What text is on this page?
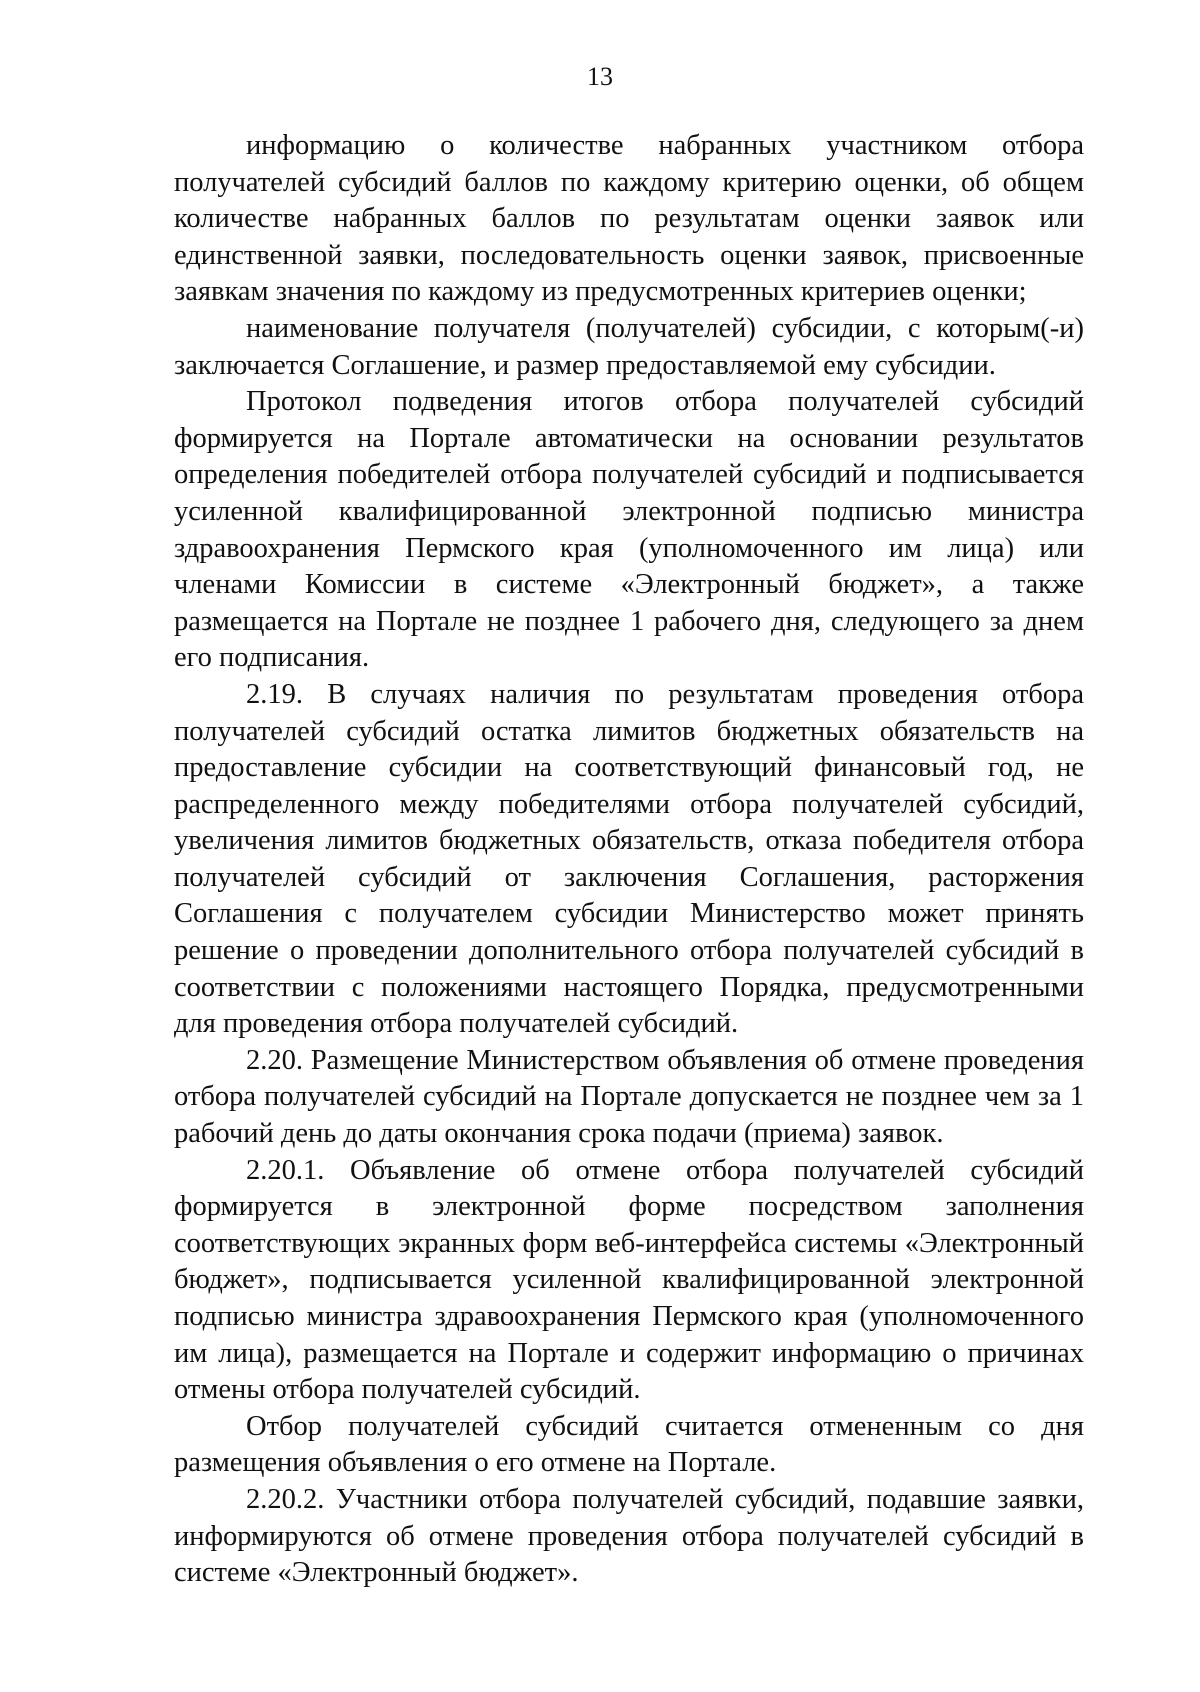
13

информацию о количестве набранных участником отбора получателей субсидий баллов по каждому критерию оценки, об общем количестве набранных баллов по результатам оценки заявок или единственной заявки, последовательность оценки заявок, присвоенные заявкам значения по каждому из предусмотренных критериев оценки;

наименование получателя (получателей) субсидии, с которым(-и) заключается Соглашение, и размер предоставляемой ему субсидии.

Протокол подведения итогов отбора получателей субсидий формируется на Портале автоматически на основании результатов определения победителей отбора получателей субсидий и подписывается усиленной квалифицированной электронной подписью министра здравоохранения Пермского края (уполномоченного им лица) или членами Комиссии в системе «Электронный бюджет», а также размещается на Портале не позднее 1 рабочего дня, следующего за днем его подписания.

2.19. В случаях наличия по результатам проведения отбора получателей субсидий остатка лимитов бюджетных обязательств на предоставление субсидии на соответствующий финансовый год, не распределенного между победителями отбора получателей субсидий, увеличения лимитов бюджетных обязательств, отказа победителя отбора получателей субсидий от заключения Соглашения, расторжения Соглашения с получателем субсидии Министерство может принять решение о проведении дополнительного отбора получателей субсидий в соответствии с положениями настоящего Порядка, предусмотренными для проведения отбора получателей субсидий.

2.20. Размещение Министерством объявления об отмене проведения отбора получателей субсидий на Портале допускается не позднее чем за 1 рабочий день до даты окончания срока подачи (приема) заявок.

2.20.1. Объявление об отмене отбора получателей субсидий формируется в электронной форме посредством заполнения соответствующих экранных форм веб-интерфейса системы «Электронный бюджет», подписывается усиленной квалифицированной электронной подписью министра здравоохранения Пермского края (уполномоченного им лица), размещается на Портале и содержит информацию о причинах отмены отбора получателей субсидий.

Отбор получателей субсидий считается отмененным со дня размещения объявления о его отмене на Портале.

2.20.2. Участники отбора получателей субсидий, подавшие заявки, информируются об отмене проведения отбора получателей субсидий в системе «Электронный бюджет».
